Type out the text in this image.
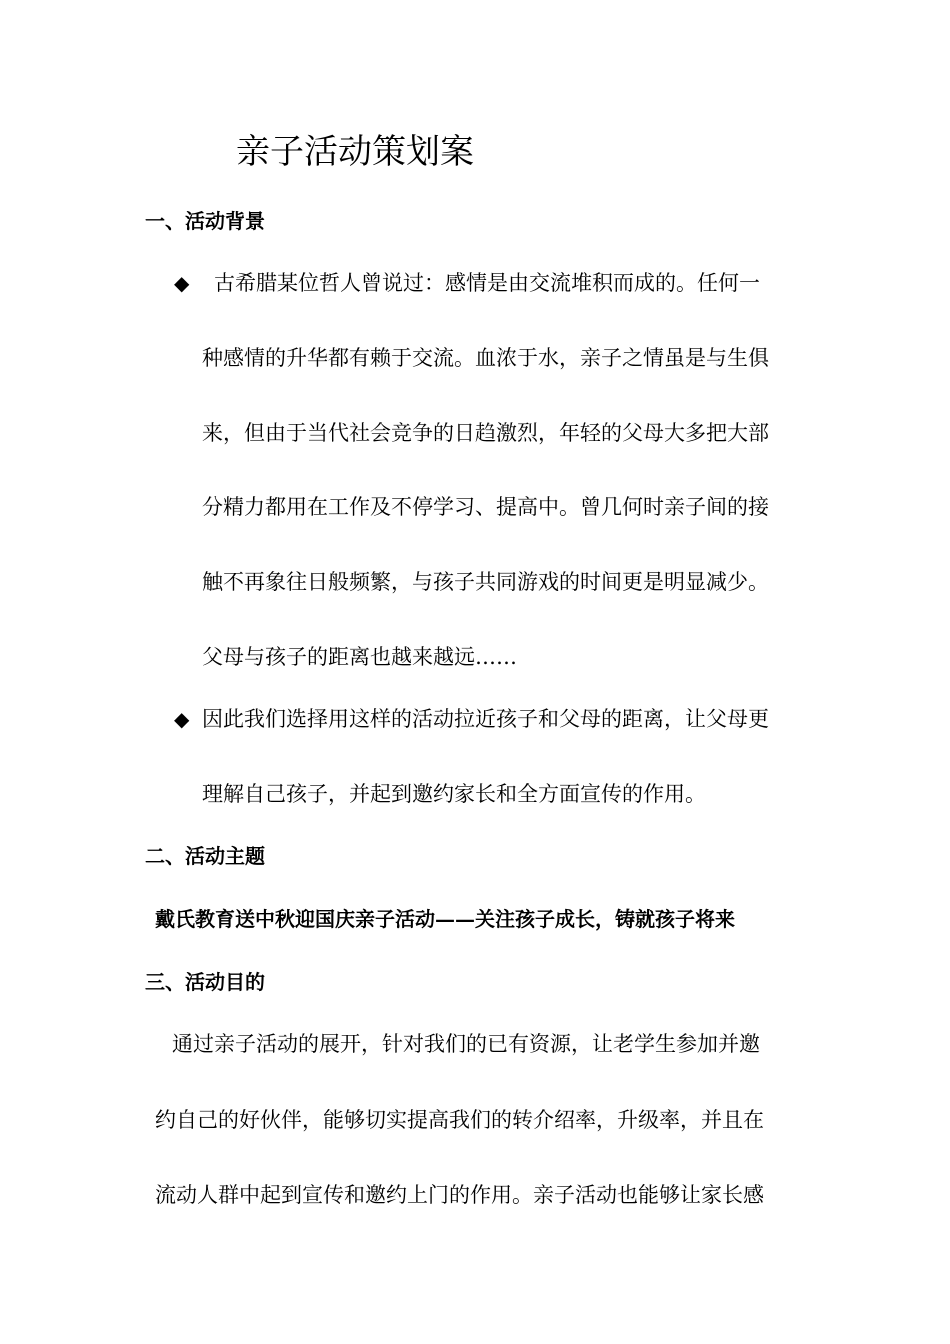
亲子活动策划案
一、活动背景
◆ 古希腊某位哲人曾说过：感情是由交流堆积而成的。任何一
种感情的升华都有赖于交流。血浓于水，亲子之情虽是与生俱
来，但由于当代社会竞争的日趋激烈，年轻的父母大多把大部
分精力都用在工作及不停学习、提高中。曾几何时亲子间的接
触不再象往日般频繁，与孩子共同游戏的时间更是明显减少。
父母与孩子的距离也越来越远……
◆ 因此我们选择用这样的活动拉近孩子和父母的距离，让父母更
理解自己孩子，并起到邀约家长和全方面宣传的作用。
二、活动主题
戴氏教育送中秋迎国庆亲子活动——关注孩子成长，铸就孩子将来
三、活动目的
通过亲子活动的展开，针对我们的已有资源，让老学生参加并邀
约自己的好伙伴，能够切实提高我们的转介绍率，升级率，并且在
流动人群中起到宣传和邀约上门的作用。亲子活动也能够让家长感
